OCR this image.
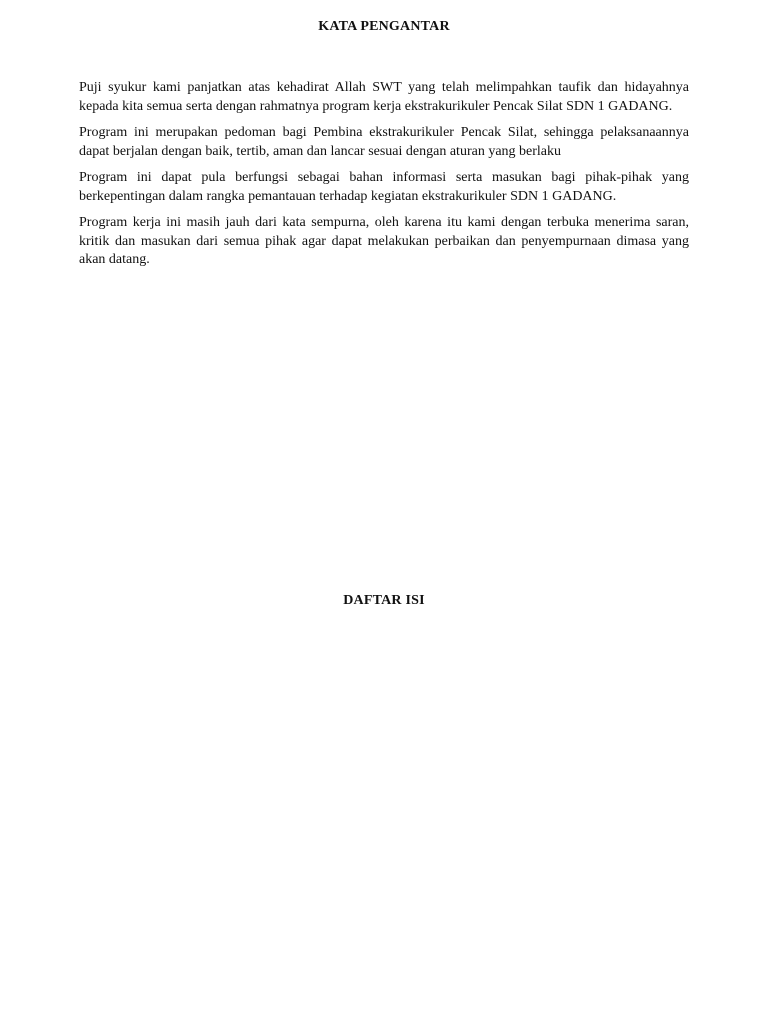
KATA PENGANTAR

Puji syukur kami panjatkan atas kehadirat Allah SWT yang telah melimpahkan taufik dan hidayahnya kepada kita semua serta dengan rahmatnya program kerja ekstrakurikuler Pencak Silat SDN 1 GADANG.

Program ini merupakan pedoman bagi Pembina ekstrakurikuler Pencak Silat, sehingga pelaksanaannya dapat berjalan dengan baik, tertib, aman dan lancar sesuai dengan aturan yang berlaku

Program ini dapat pula berfungsi sebagai bahan informasi serta masukan bagi pihak-pihak yang berkepentingan dalam rangka pemantauan terhadap kegiatan ekstrakurikuler SDN 1 GADANG.

Program kerja ini masih jauh dari kata sempurna, oleh karena itu kami dengan terbuka menerima saran, kritik dan masukan dari semua pihak agar dapat melakukan perbaikan dan penyempurnaan dimasa yang akan datang.

DAFTAR ISI
